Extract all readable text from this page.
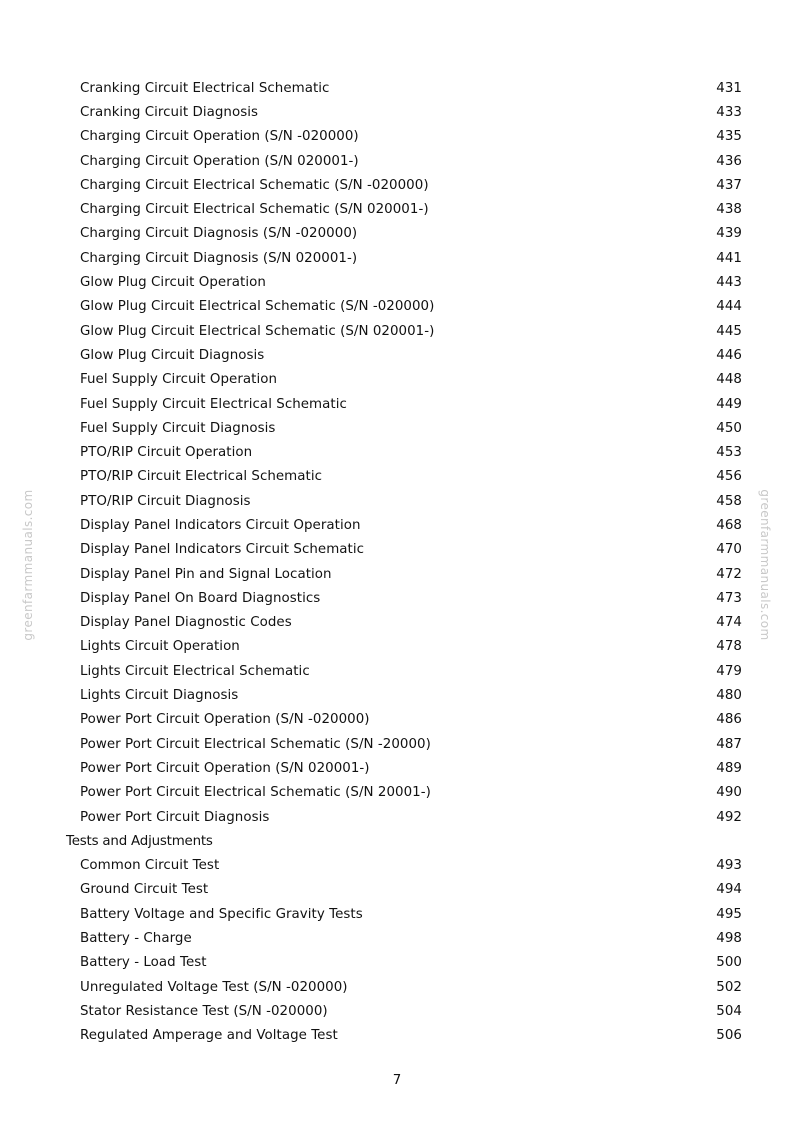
Cranking Circuit Electrical Schematic	431
Cranking Circuit Diagnosis	433
Charging Circuit Operation (S/N -020000)	435
Charging Circuit Operation (S/N 020001-)	436
Charging Circuit Electrical Schematic (S/N -020000)	437
Charging Circuit Electrical Schematic (S/N 020001-)	438
Charging Circuit Diagnosis (S/N -020000)	439
Charging Circuit Diagnosis (S/N 020001-)	441
Glow Plug Circuit Operation	443
Glow Plug Circuit Electrical Schematic (S/N -020000)	444
Glow Plug Circuit Electrical Schematic (S/N 020001-)	445
Glow Plug Circuit Diagnosis	446
Fuel Supply Circuit Operation	448
Fuel Supply Circuit Electrical Schematic	449
Fuel Supply Circuit Diagnosis	450
PTO/RIP Circuit Operation	453
PTO/RIP Circuit Electrical Schematic	456
PTO/RIP Circuit Diagnosis	458
Display Panel Indicators Circuit Operation	468
Display Panel Indicators Circuit Schematic	470
Display Panel Pin and Signal Location	472
Display Panel On Board Diagnostics	473
Display Panel Diagnostic Codes	474
Lights Circuit Operation	478
Lights Circuit Electrical Schematic	479
Lights Circuit Diagnosis	480
Power Port Circuit Operation (S/N -020000)	486
Power Port Circuit Electrical Schematic (S/N -20000)	487
Power Port Circuit Operation (S/N 020001-)	489
Power Port Circuit Electrical Schematic (S/N 20001-)	490
Power Port Circuit Diagnosis	492
Tests and Adjustments
Common Circuit Test	493
Ground Circuit Test	494
Battery Voltage and Specific Gravity Tests	495
Battery - Charge	498
Battery - Load Test	500
Unregulated Voltage Test (S/N -020000)	502
Stator Resistance Test (S/N -020000)	504
Regulated Amperage and Voltage Test	506
greenfarmmanuals.com	greenfarmmanuals.com
7
